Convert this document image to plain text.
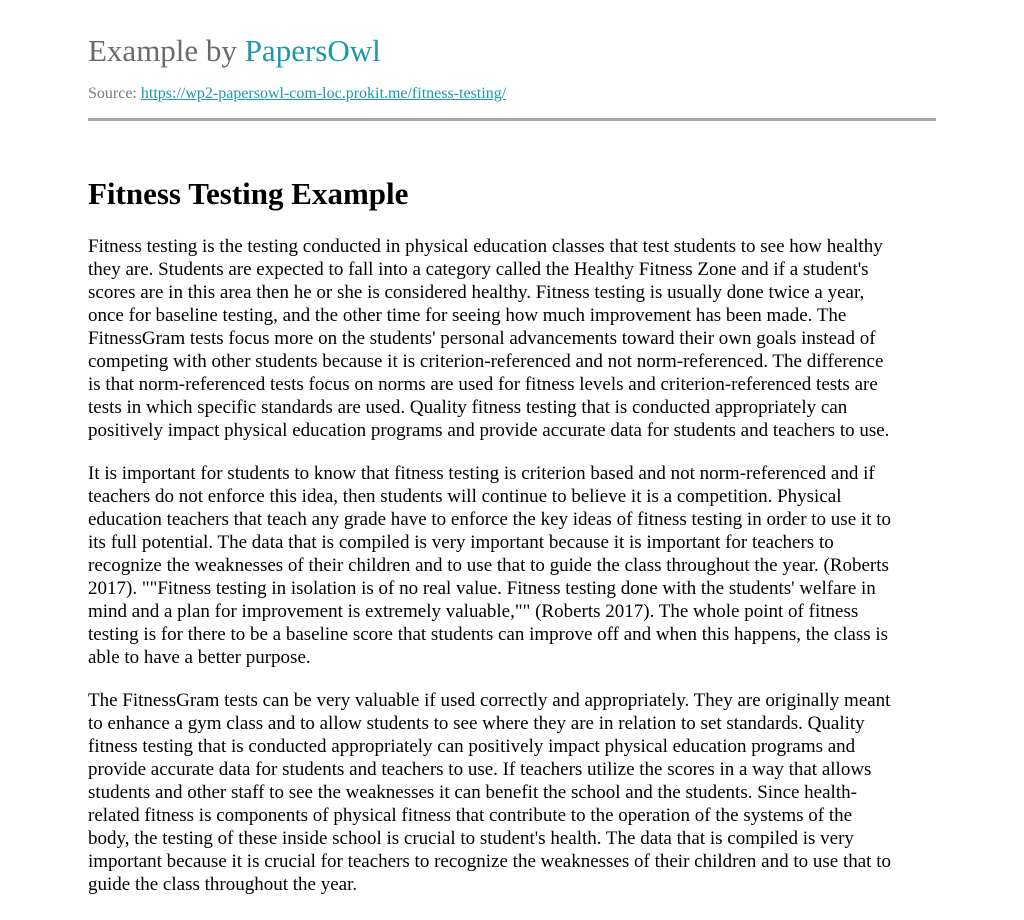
Example by PapersOwl
Source: https://wp2-papersowl-com-loc.prokit.me/fitness-testing/
Fitness Testing Example

Fitness testing is the testing conducted in physical education classes that test students to see how healthy
they are. Students are expected to fall into a category called the Healthy Fitness Zone and if a student's
scores are in this area then he or she is considered healthy. Fitness testing is usually done twice a year,
once for baseline testing, and the other time for seeing how much improvement has been made. The
FitnessGram tests focus more on the students' personal advancements toward their own goals instead of
competing with other students because it is criterion-referenced and not norm-referenced. The difference
is that norm-referenced tests focus on norms are used for fitness levels and criterion-referenced tests are
tests in which specific standards are used. Quality fitness testing that is conducted appropriately can
positively impact physical education programs and provide accurate data for students and teachers to use.

It is important for students to know that fitness testing is criterion based and not norm-referenced and if
teachers do not enforce this idea, then students will continue to believe it is a competition. Physical
education teachers that teach any grade have to enforce the key ideas of fitness testing in order to use it to
its full potential. The data that is compiled is very important because it is important for teachers to
recognize the weaknesses of their children and to use that to guide the class throughout the year. (Roberts
2017). ""Fitness testing in isolation is of no real value. Fitness testing done with the students' welfare in
mind and a plan for improvement is extremely valuable,"" (Roberts 2017). The whole point of fitness
testing is for there to be a baseline score that students can improve off and when this happens, the class is
able to have a better purpose.

The FitnessGram tests can be very valuable if used correctly and appropriately. They are originally meant
to enhance a gym class and to allow students to see where they are in relation to set standards. Quality
fitness testing that is conducted appropriately can positively impact physical education programs and
provide accurate data for students and teachers to use. If teachers utilize the scores in a way that allows
students and other staff to see the weaknesses it can benefit the school and the students. Since health-
related fitness is components of physical fitness that contribute to the operation of the systems of the
body, the testing of these inside school is crucial to student's health. The data that is compiled is very
important because it is crucial for teachers to recognize the weaknesses of their children and to use that to
guide the class throughout the year.
